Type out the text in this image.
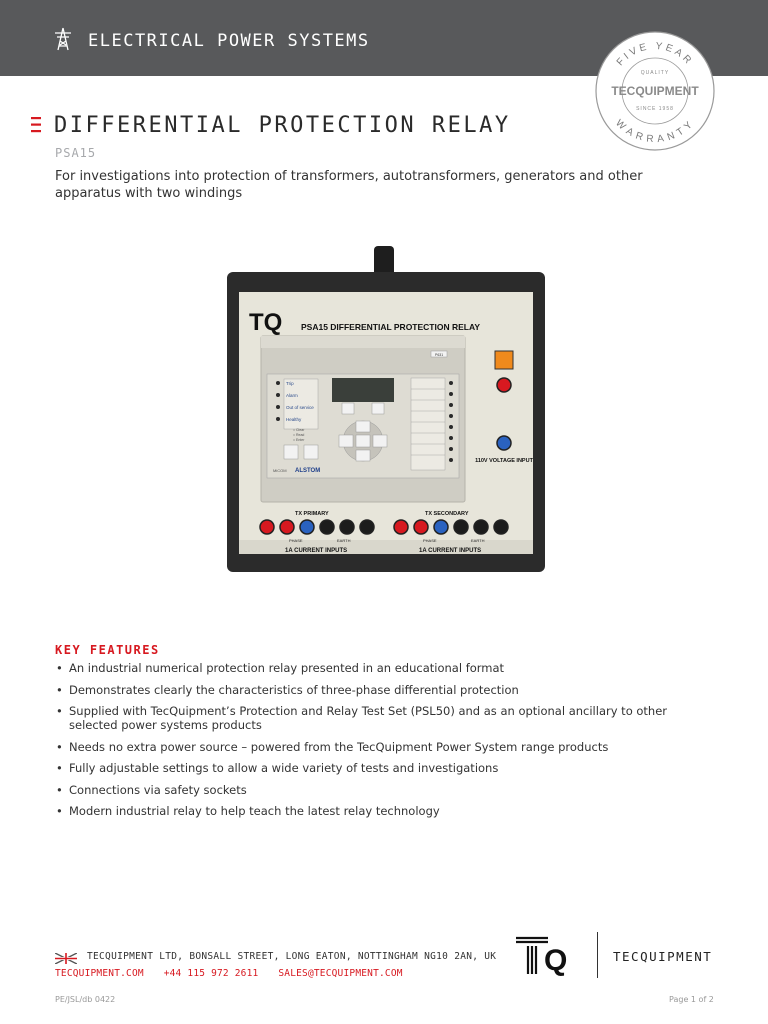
ELECTRICAL POWER SYSTEMS
FIVE YEAR
WARRANTY
QUALITY
TECQUIPMENT
SINCE 1958
DIFFERENTIAL PROTECTION RELAY
PSA15

For investigations into protection of transformers, autotransformers, generators and other apparatus with two windings

TQ PSA15 DIFFERENTIAL PROTECTION RELAY
P631
Trip
Alarm
Out of service
Healthy
= Clear
= Read
= Enter
MiCOM ALSTOM
110V VOLTAGE INPUT
TX PRIMARY	TX SECONDARY
PHASE	EARTH	PHASE	EARTH
1A CURRENT INPUTS	1A CURRENT INPUTS
KEY FEATURES
• An industrial numerical protection relay presented in an educational format
• Demonstrates clearly the characteristics of three-phase differential protection
• Supplied with TecQuipment’s Protection and Relay Test Set (PSL50) and as an optional ancillary to other selected power systems products
• Needs no extra power source – powered from the TecQuipment Power System range products
• Fully adjustable settings to allow a wide variety of tests and investigations
• Connections via safety sockets
• Modern industrial relay to help teach the latest relay technology
TECQUIPMENT LTD, BONSALL STREET, LONG EATON, NOTTINGHAM NG10 2AN, UK
TECQUIPMENT.COM +44 115 972 2611 SALES@TECQUIPMENT.COM	Q	TECQUIPMENT
PE/JSL/db 0422	Page 1 of 2
